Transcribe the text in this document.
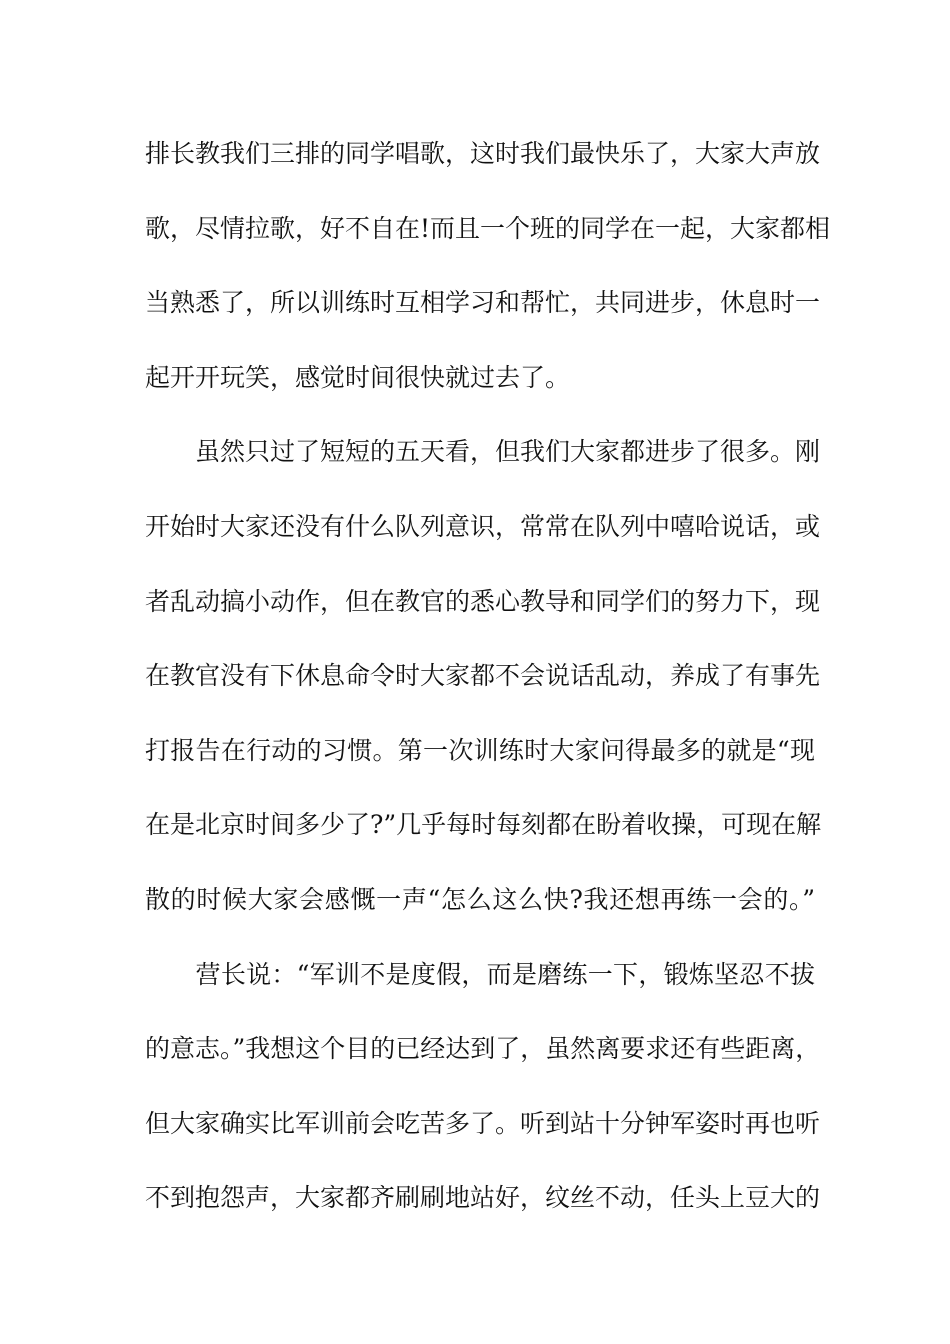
排长教我们三排的同学唱歌，这时我们最快乐了，大家大声放
歌，尽情拉歌，好不自在!而且一个班的同学在一起，大家都相
当熟悉了，所以训练时互相学习和帮忙，共同进步，休息时一
起开开玩笑，感觉时间很快就过去了。
　　虽然只过了短短的五天看，但我们大家都进步了很多。刚
开始时大家还没有什么队列意识，常常在队列中嘻哈说话，或
者乱动搞小动作，但在教官的悉心教导和同学们的努力下，现
在教官没有下休息命令时大家都不会说话乱动，养成了有事先
打报告在行动的习惯。第一次训练时大家问得最多的就是“现
在是北京时间多少了?”几乎每时每刻都在盼着收操，可现在解
散的时候大家会感慨一声“怎么这么快?我还想再练一会的。”
　　营长说：“军训不是度假，而是磨练一下，锻炼坚忍不拔
的意志。”我想这个目的已经达到了，虽然离要求还有些距离，
但大家确实比军训前会吃苦多了。听到站十分钟军姿时再也听
不到抱怨声，大家都齐刷刷地站好，纹丝不动，任头上豆大的
